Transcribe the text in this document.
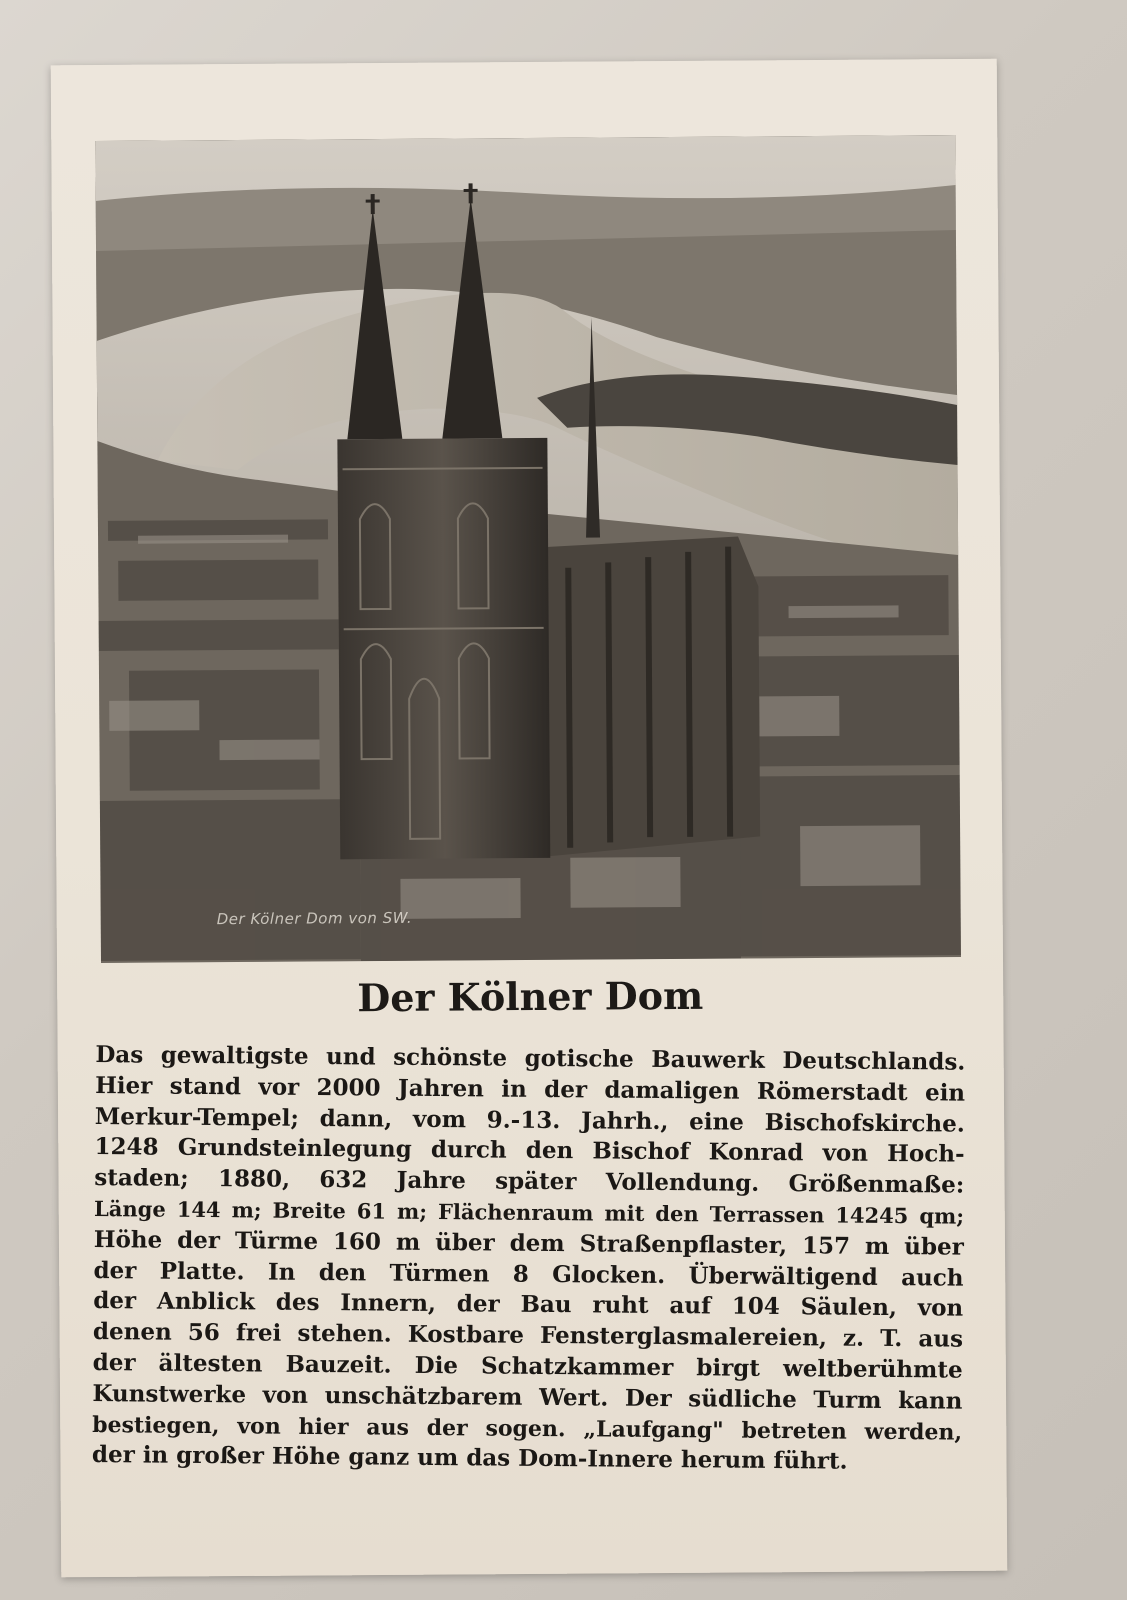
Der Kölner Dom von SW.
Der Kölner Dom
Das gewaltigste und schönste gotische Bauwerk Deutschlands.
Hier stand vor 2000 Jahren in der damaligen Römerstadt ein
Merkur-Tempel; dann, vom 9.-13. Jahrh., eine Bischofskirche.
1248 Grundsteinlegung durch den Bischof Konrad von Hoch-
staden; 1880, 632 Jahre später Vollendung. Größenmaße:
Länge 144 m; Breite 61 m; Flächenraum mit den Terrassen 14245 qm;
Höhe der Türme 160 m über dem Straßenpflaster, 157 m über
der Platte. In den Türmen 8 Glocken. Überwältigend auch
der Anblick des Innern, der Bau ruht auf 104 Säulen, von
denen 56 frei stehen. Kostbare Fensterglasmalereien, z. T. aus
der ältesten Bauzeit. Die Schatzkammer birgt weltberühmte
Kunstwerke von unschätzbarem Wert. Der südliche Turm kann
bestiegen, von hier aus der sogen. „Laufgang" betreten werden,
der in großer Höhe ganz um das Dom-Innere herum führt.
